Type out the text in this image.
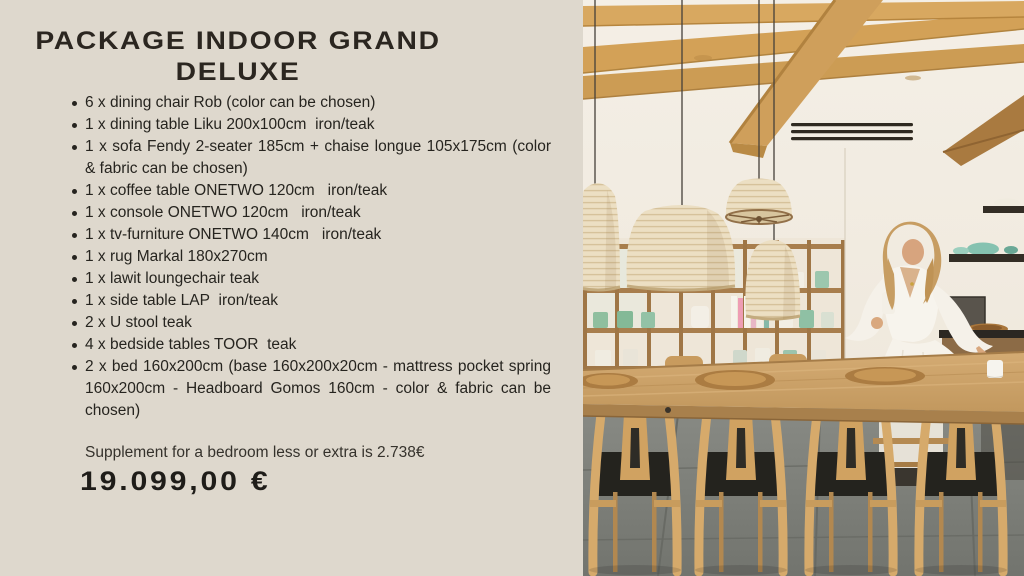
PACKAGE INDOOR GRAND
DELUXE
6 x dining chair Rob (color can be chosen)
1 x dining table Liku 200x100cm  iron/teak
1 x sofa Fendy 2-seater 185cm + chaise longue 105x175cm (color & fabric can be chosen)
1 x coffee table ONETWO 120cm   iron/teak
1 x console ONETWO 120cm   iron/teak
1 x tv-furniture ONETWO 140cm   iron/teak
1 x rug Markal 180x270cm
1 x lawit loungechair teak
1 x side table LAP  iron/teak
2 x U stool teak
4 x bedside tables TOOR  teak
2 x bed 160x200cm (base 160x200x20cm - mattress pocket spring 160x200cm - Headboard Gomos 160cm - color & fabric can be chosen)
Supplement for a bedroom less or extra is 2.738€
19.099,00 €
